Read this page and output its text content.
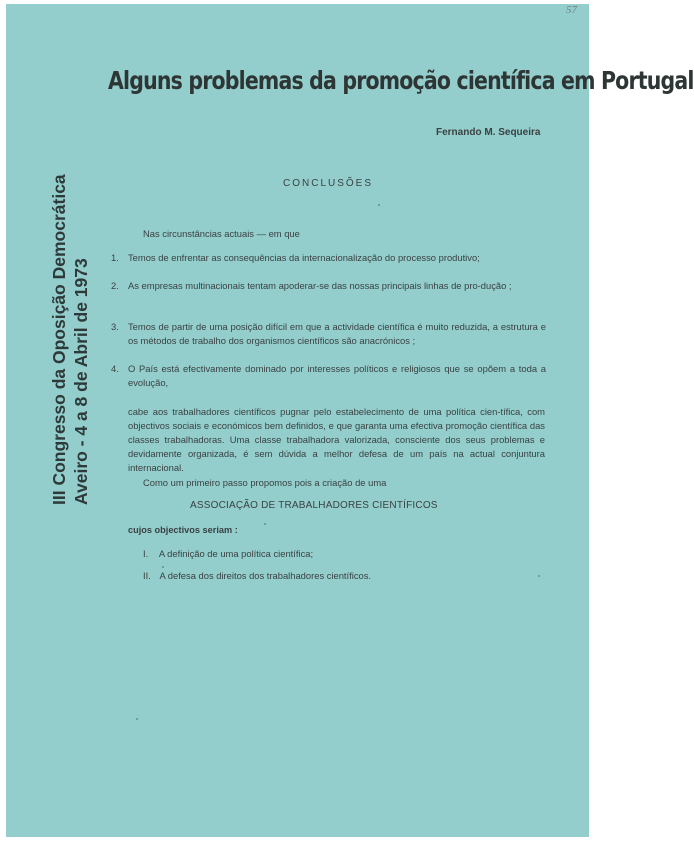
57
Alguns problemas da promoção científica em Portugal
Fernando M. Sequeira
CONCLUSÕES
III Congresso da Oposição Democrática Aveiro - 4 a 8 de Abril de 1973
Nas circunstâncias actuais — em que
1. Temos de enfrentar as consequências da internacionalização do processo produtivo;
2. As empresas multinacionais tentam apoderar-se das nossas principais linhas de pro-dução ;
3. Temos de partir de uma posição difícil em que a actividade científica é muito reduzida, a estrutura e os métodos de trabalho dos organismos científicos são anacrónicos ;
4. O País está efectivamente dominado por interesses políticos e religiosos que se opõem a toda a evolução,
cabe aos trabalhadores científicos pugnar pelo estabelecimento de uma política cien-tífica, com objectivos sociais e económicos bem definidos, e que garanta uma efectiva promoção científica das classes trabalhadoras. Uma classe trabalhadora valorizada, consciente dos seus problemas e devidamente organizada, é sem dúvida a melhor defesa de um país na actual conjuntura internacional.
Como um primeiro passo propomos pois a criação de uma
ASSOCIAÇÃO DE TRABALHADORES CIENTÍFICOS
cujos objectivos seriam :
I. A definição de uma política científica;
II. A defesa dos direitos dos trabalhadores científicos.
